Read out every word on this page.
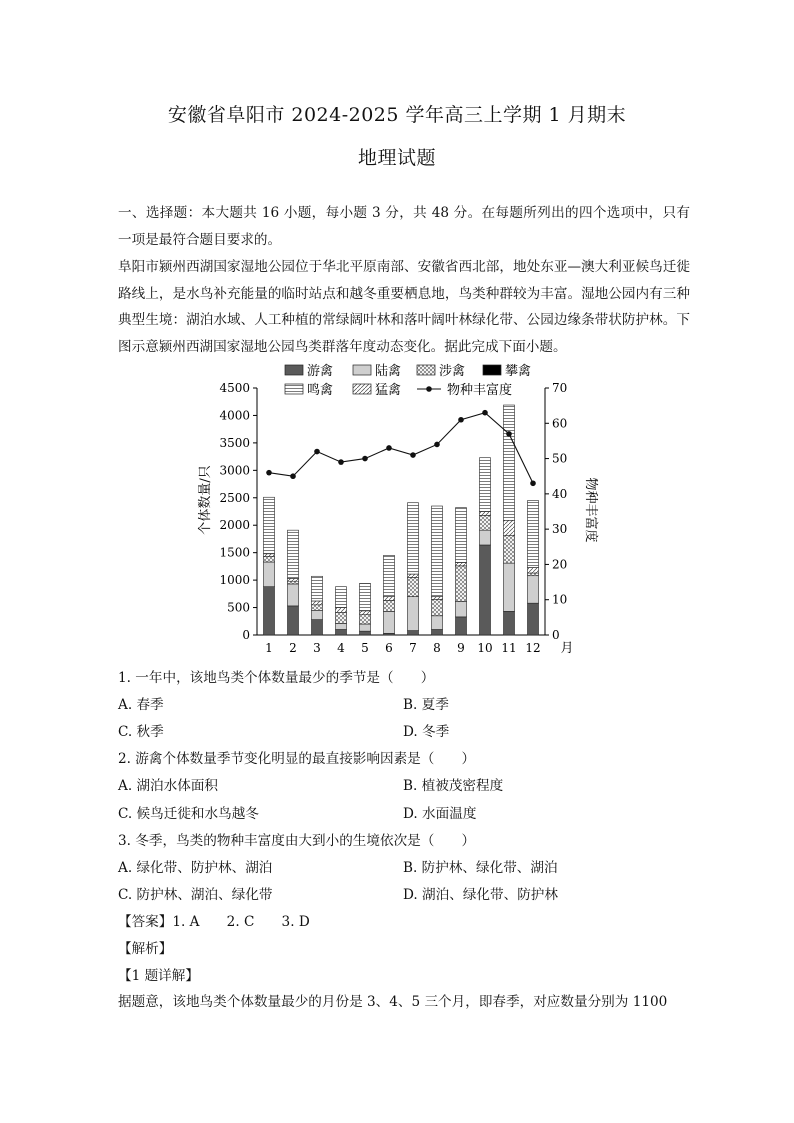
安徽省阜阳市 2024-2025 学年高三上学期 1 月期末
地理试题

一、选择题：本大题共 16 小题，每小题 3 分，共 48 分。在每题所列出的四个选项中，只有一项是最符合题目要求的。

阜阳市颍州西湖国家湿地公园位于华北平原南部、安徽省西北部，地处东亚—澳大利亚候鸟迁徙路线上，是水鸟补充能量的临时站点和越冬重要栖息地，鸟类种群较为丰富。湿地公园内有三种典型生境：湖泊水域、人工种植的常绿阔叶林和落叶阔叶林绿化带、公园边缘条带状防护林。下图示意颍州西湖国家湿地公园鸟类群落年度动态变化。据此完成下面小题。

游禽	陆禽	涉禽	攀禽
鸣禽	猛禽	物种丰富度
0
500
1000
1500
2000
2500
3000
3500
4000
4500
0
10
20
30
40
50
60
70
1 2 3 4 5 6 7 8 9 10 11 12
个体数量/只	物种丰富度
月
1. 一年中，该地鸟类个体数量最少的季节是（　　）
A. 春季	B. 夏季
C. 秋季	D. 冬季
2. 游禽个体数量季节变化明显的最直接影响因素是（　　）
A. 湖泊水体面积	B. 植被茂密程度
C. 候鸟迁徙和水鸟越冬	D. 水面温度
3. 冬季，鸟类的物种丰富度由大到小的生境依次是（　　）
A. 绿化带、防护林、湖泊	B. 防护林、绿化带、湖泊
C. 防护林、湖泊、绿化带	D. 湖泊、绿化带、防护林
【答案】1. A　　2. C　　3. D
【解析】
【1 题详解】
据题意，该地鸟类个体数量最少的月份是 3、4、5 三个月，即春季，对应数量分别为 1100
